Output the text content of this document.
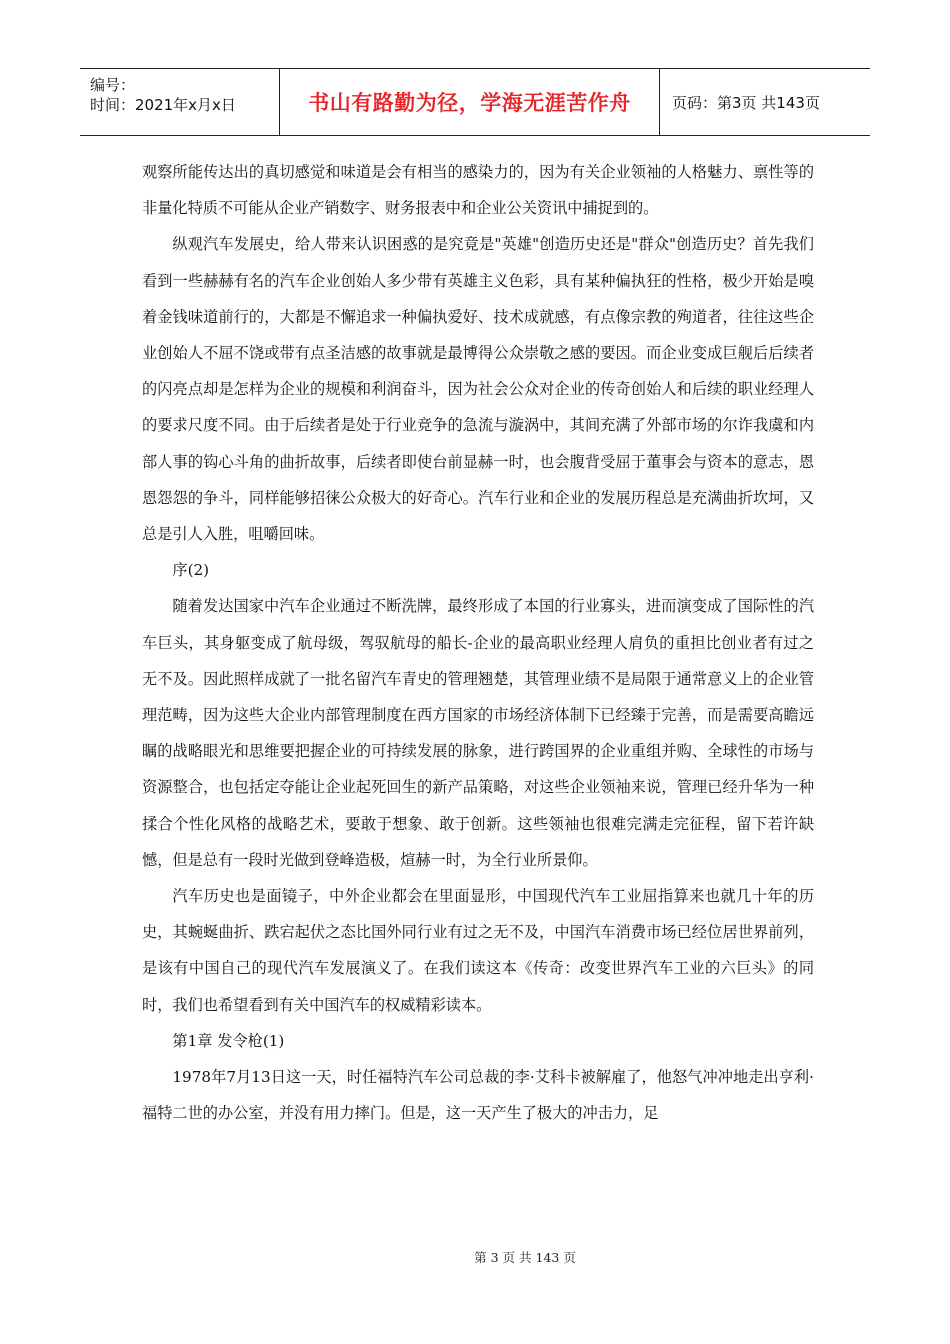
编号：
时间：2021年x月x日	书山有路勤为径，学海无涯苦作舟	页码：第3页 共143页

观察所能传达出的真切感觉和味道是会有相当的感染力的，因为有关企业领袖的人格魅力、禀性等的非量化特质不可能从企业产销数字、财务报表中和企业公关资讯中捕捉到的。

纵观汽车发展史，给人带来认识困惑的是究竟是"英雄"创造历史还是"群众"创造历史？首先我们看到一些赫赫有名的汽车企业创始人多少带有英雄主义色彩，具有某种偏执狂的性格，极少开始是嗅着金钱味道前行的，大都是不懈追求一种偏执爱好、技术成就感，有点像宗教的殉道者，往往这些企业创始人不屈不饶或带有点圣洁感的故事就是最博得公众崇敬之感的要因。而企业变成巨舰后后续者的闪亮点却是怎样为企业的规模和利润奋斗，因为社会公众对企业的传奇创始人和后续的职业经理人的要求尺度不同。由于后续者是处于行业竞争的急流与漩涡中，其间充满了外部市场的尔诈我虞和内部人事的钩心斗角的曲折故事，后续者即使台前显赫一时，也会腹背受屈于董事会与资本的意志，恩恩怨怨的争斗，同样能够招徕公众极大的好奇心。汽车行业和企业的发展历程总是充满曲折坎坷，又总是引人入胜，咀嚼回味。

序(2)

随着发达国家中汽车企业通过不断洗牌，最终形成了本国的行业寡头，进而演变成了国际性的汽车巨头，其身躯变成了航母级，驾驭航母的船长-企业的最高职业经理人肩负的重担比创业者有过之无不及。因此照样成就了一批名留汽车青史的管理翘楚，其管理业绩不是局限于通常意义上的企业管理范畴，因为这些大企业内部管理制度在西方国家的市场经济体制下已经臻于完善，而是需要高瞻远瞩的战略眼光和思维要把握企业的可持续发展的脉象，进行跨国界的企业重组并购、全球性的市场与资源整合，也包括定夺能让企业起死回生的新产品策略，对这些企业领袖来说，管理已经升华为一种揉合个性化风格的战略艺术，要敢于想象、敢于创新。这些领袖也很难完满走完征程，留下若许缺憾，但是总有一段时光做到登峰造极，煊赫一时，为全行业所景仰。

汽车历史也是面镜子，中外企业都会在里面显形，中国现代汽车工业屈指算来也就几十年的历史，其蜿蜒曲折、跌宕起伏之态比国外同行业有过之无不及，中国汽车消费市场已经位居世界前列，是该有中国自己的现代汽车发展演义了。在我们读这本《传奇：改变世界汽车工业的六巨头》的同时，我们也希望看到有关中国汽车的权威精彩读本。

第1章 发令枪(1)

1978年7月13日这一天，时任福特汽车公司总裁的李·艾科卡被解雇了，他怒气冲冲地走出亨利·福特二世的办公室，并没有用力摔门。但是，这一天产生了极大的冲击力，足

第 3 页 共 143 页
